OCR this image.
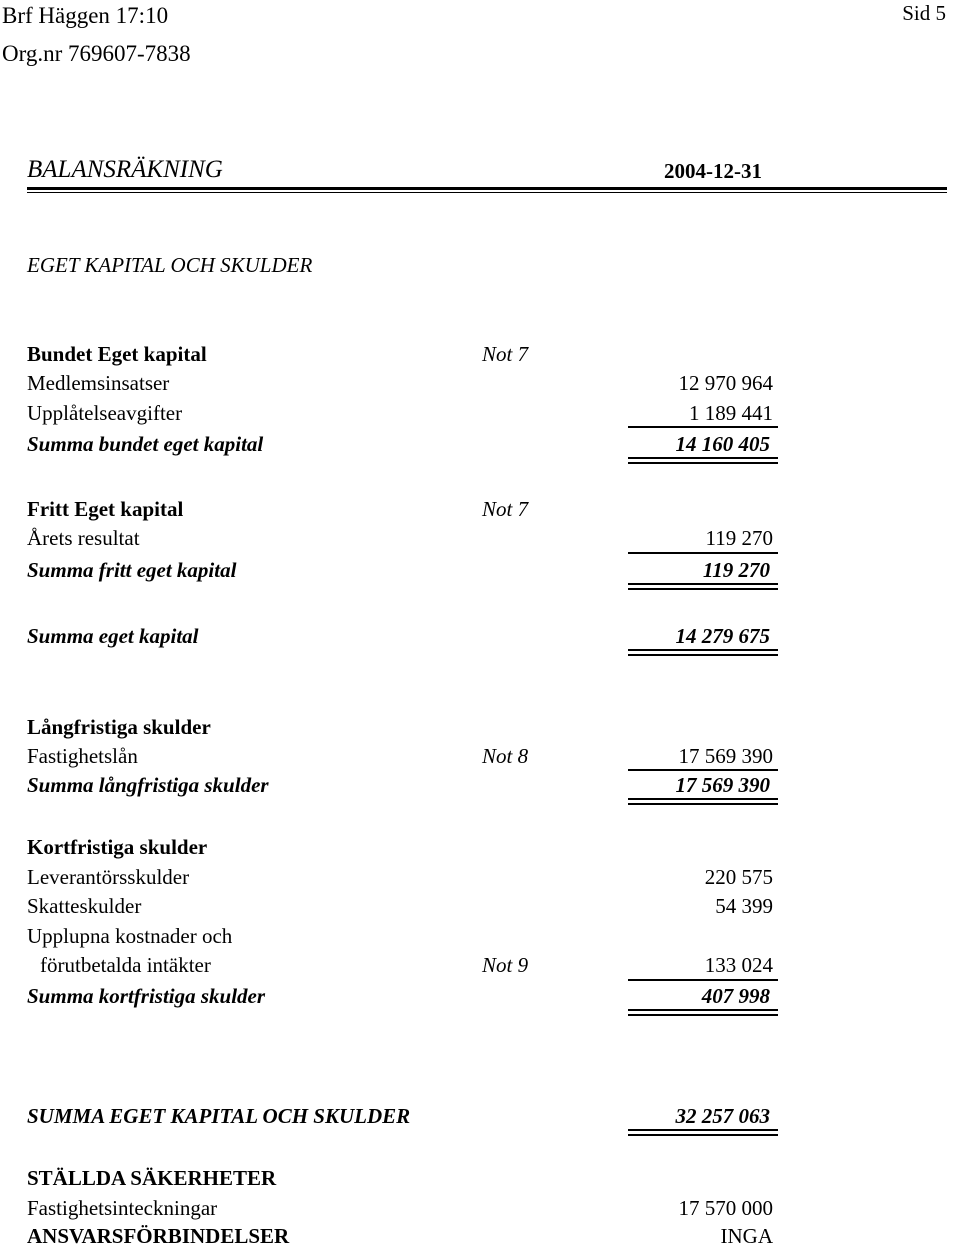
Brf Häggen 17:10
Org.nr 769607-7838
Sid 5
BALANSRÄKNING	2004-12-31
EGET KAPITAL OCH SKULDER
Bundet Eget kapital	Not 7
Medlemsinsatser	12 970 964
Upplåtelseavgifter	1 189 441
Summa bundet eget kapital	14 160 405
Fritt Eget kapital	Not 7
Årets resultat	119 270
Summa fritt eget kapital	119 270
Summa eget kapital	14 279 675
Långfristiga skulder
Fastighetslån	Not 8	17 569 390
Summa långfristiga skulder	17 569 390
Kortfristiga skulder
Leverantörsskulder	220 575
Skatteskulder	54 399
Upplupna kostnader och
förutbetalda intäkter	Not 9	133 024
Summa kortfristiga skulder	407 998
SUMMA EGET KAPITAL OCH SKULDER	32 257 063
STÄLLDA SÄKERHETER
Fastighetsinteckningar	17 570 000
ANSVARSFÖRBINDELSER	INGA
